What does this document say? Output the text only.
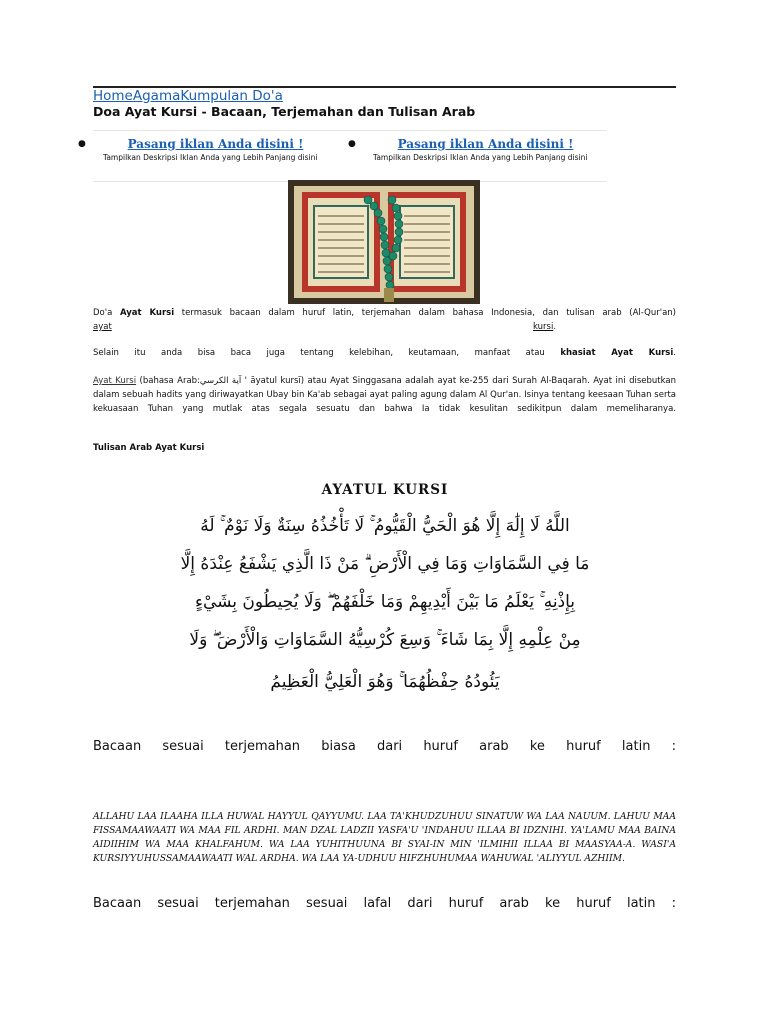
HomeAgamaKumpulan Do'a
Doa Ayat Kursi - Bacaan, Terjemahan dan Tulisan Arab
●	Pasang iklan Anda disini !
Tampilkan Deskripsi Iklan Anda yang Lebih Panjang disini
●	Pasang iklan Anda disini !
Tampilkan Deskripsi Iklan Anda yang Lebih Panjang disini
Do'a Ayat Kursi termasuk bacaan dalam huruf latin, terjemahan dalam bahasa Indonesia, dan tulisan arab (Al-Qur'an)ayat	kursi.
Selain itu anda bisa baca juga tentang kelebihan, keutamaan, manfaat atau khasiat Ayat Kursi.
Ayat Kursi (bahasa Arab:آية الكرسي ' āyatul kursī) atau Ayat Singgasana adalah ayat ke-255 dari Surah Al-Baqarah. Ayat ini disebutkan dalam sebuah hadits yang diriwayatkan Ubay bin Ka'ab sebagai ayat paling agung dalam Al Qur'an. Isinya tentang keesaan Tuhan serta kekuasaan Tuhan yang mutlak atas segala sesuatu dan bahwa Ia tidak kesulitan sedikitpun dalam memeliharanya.
Tulisan Arab Ayat Kursi
AYATUL KURSI
اللَّهُ لَا إِلَٰهَ إِلَّا هُوَ الْحَيُّ الْقَيُّومُ ۚ لَا تَأْخُذُهُ سِنَةٌ وَلَا نَوْمٌ ۚ لَهُ
مَا فِي السَّمَاوَاتِ وَمَا فِي الْأَرْضِ ۗ مَنْ ذَا الَّذِي يَشْفَعُ عِنْدَهُ إِلَّا
بِإِذْنِهِ ۚ يَعْلَمُ مَا بَيْنَ أَيْدِيهِمْ وَمَا خَلْفَهُمْ ۖ وَلَا يُحِيطُونَ بِشَيْءٍ
مِنْ عِلْمِهِ إِلَّا بِمَا شَاءَ ۚ وَسِعَ كُرْسِيُّهُ السَّمَاوَاتِ وَالْأَرْضَ ۖ وَلَا
يَئُودُهُ حِفْظُهُمَا ۚ وَهُوَ الْعَلِيُّ الْعَظِيمُ
Bacaan sesuai terjemahan biasa dari huruf arab ke huruf latin :
ALLAHU LAA ILAAHA ILLA HUWAL HAYYUL QAYYUMU. LAA TA'KHUDZUHUU SINATUW WA LAA NAUUM. LAHUU MAA FISSAMAAWAATI WA MAA FIL ARDHI. MAN DZAL LADZII YASFA'U 'INDAHUU ILLAA BI IDZNIHI. YA'LAMU MAA BAINA AIDIIHIM WA MAA KHALFAHUM. WA LAA YUHITHUUNA BI SYAI-IN MIN 'ILMIHII ILLAA BI MAASYAA-A. WASI'A KURSIYYUHUSSAMAAWAATI WAL ARDHA. WA LAA YA-UDHUU HIFZHUHUMAA WAHUWAL 'ALIYYUL AZHIIM.
Bacaan sesuai terjemahan sesuai lafal dari huruf arab ke huruf latin :
